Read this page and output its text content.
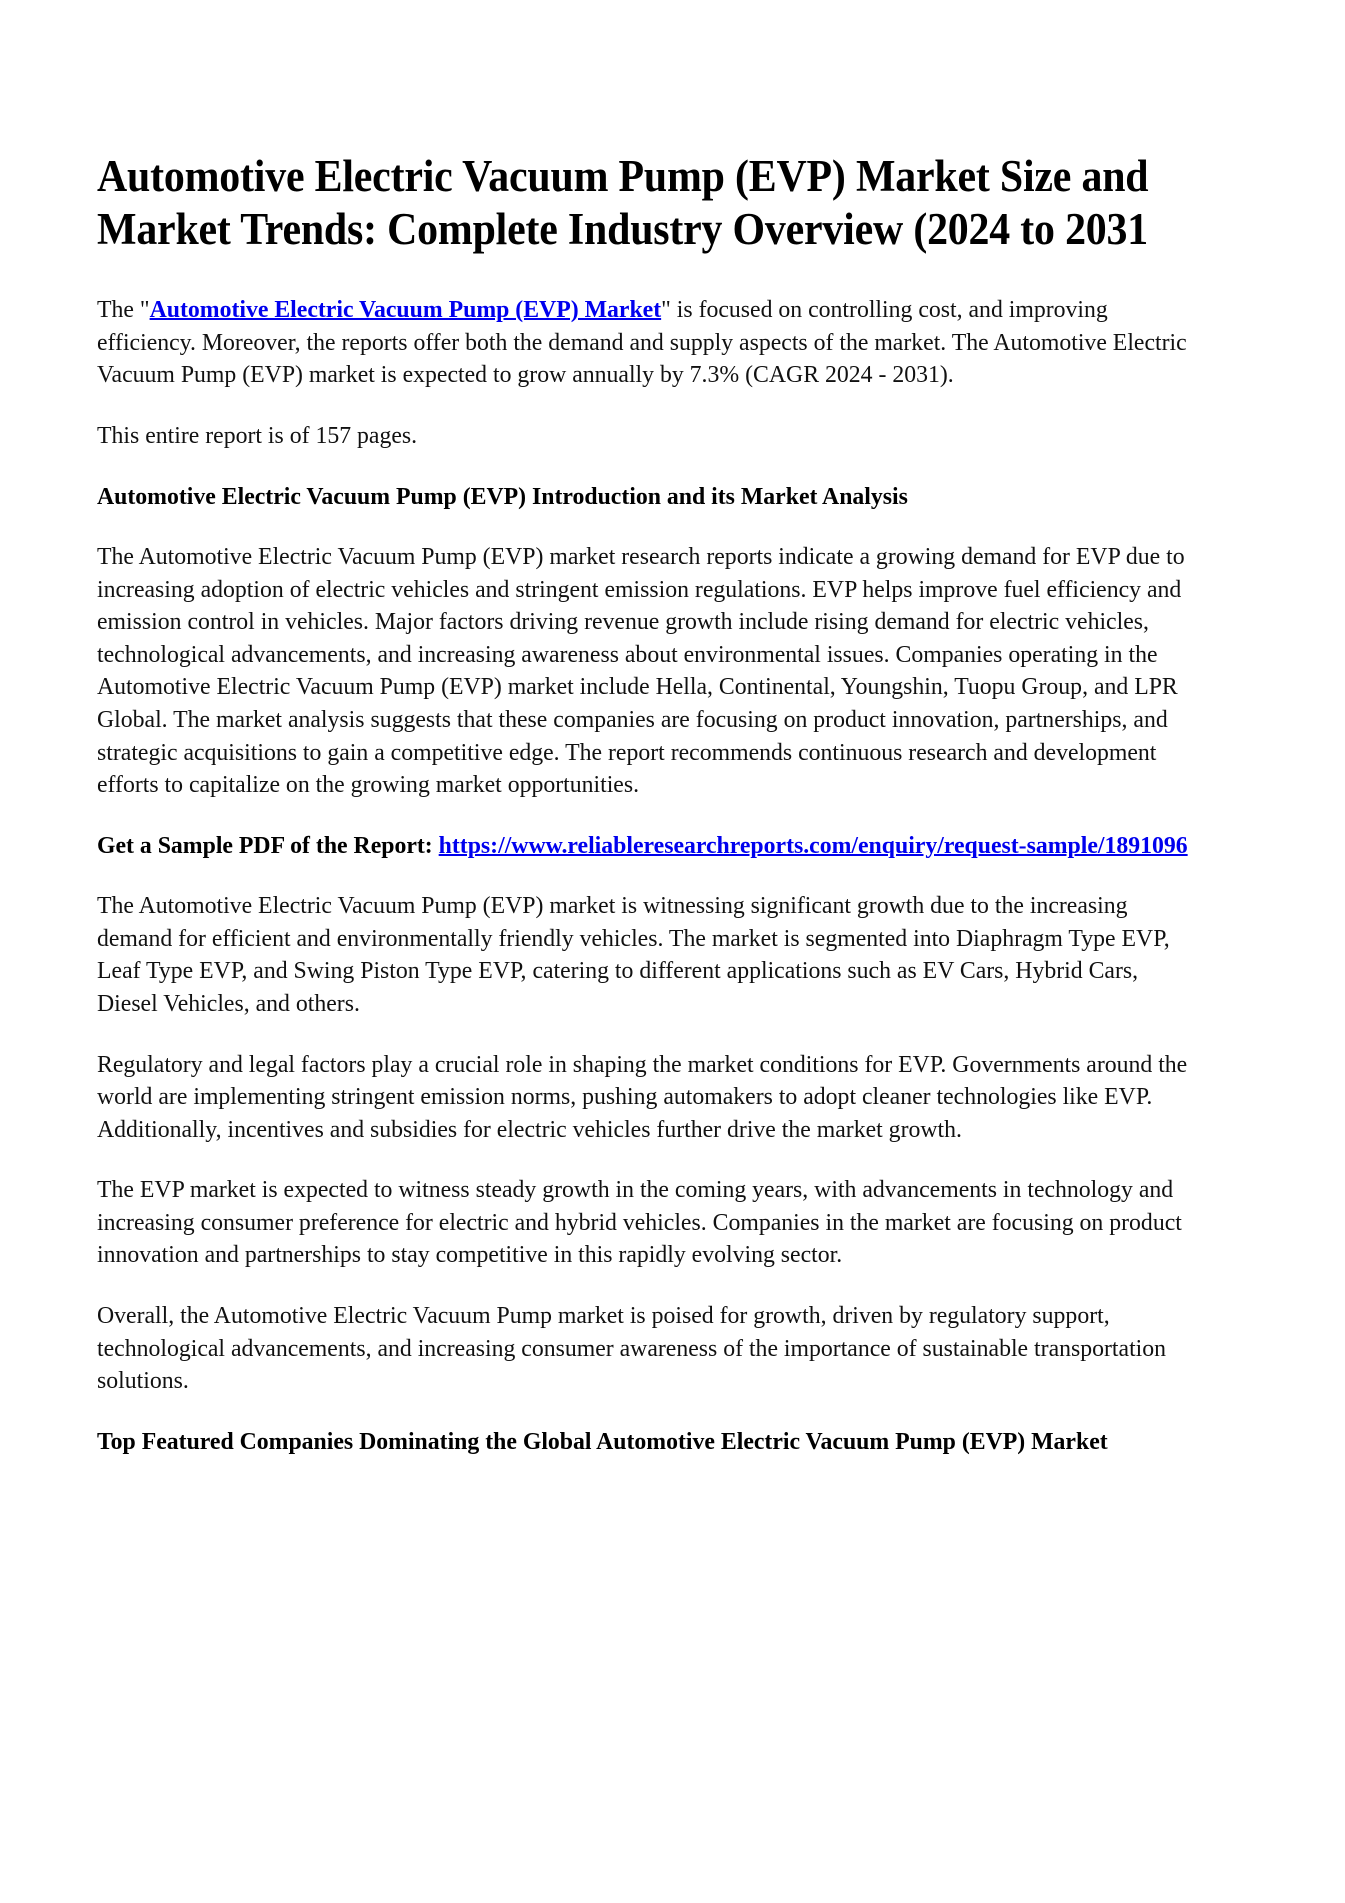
Automotive Electric Vacuum Pump (EVP) Market Size and Market Trends: Complete Industry Overview (2024 to 2031

The "Automotive Electric Vacuum Pump (EVP) Market" is focused on controlling cost, and improving efficiency. Moreover, the reports offer both the demand and supply aspects of the market. The Automotive Electric Vacuum Pump (EVP) market is expected to grow annually by 7.3% (CAGR 2024 - 2031).

This entire report is of 157 pages.

Automotive Electric Vacuum Pump (EVP) Introduction and its Market Analysis

The Automotive Electric Vacuum Pump (EVP) market research reports indicate a growing demand for EVP due to increasing adoption of electric vehicles and stringent emission regulations. EVP helps improve fuel efficiency and emission control in vehicles. Major factors driving revenue growth include rising demand for electric vehicles, technological advancements, and increasing awareness about environmental issues. Companies operating in the Automotive Electric Vacuum Pump (EVP) market include Hella, Continental, Youngshin, Tuopu Group, and LPR Global. The market analysis suggests that these companies are focusing on product innovation, partnerships, and strategic acquisitions to gain a competitive edge. The report recommends continuous research and development efforts to capitalize on the growing market opportunities.

Get a Sample PDF of the Report: https://www.reliableresearchreports.com/enquiry/request-sample/1891096

The Automotive Electric Vacuum Pump (EVP) market is witnessing significant growth due to the increasing demand for efficient and environmentally friendly vehicles. The market is segmented into Diaphragm Type EVP, Leaf Type EVP, and Swing Piston Type EVP, catering to different applications such as EV Cars, Hybrid Cars, Diesel Vehicles, and others.

Regulatory and legal factors play a crucial role in shaping the market conditions for EVP. Governments around the world are implementing stringent emission norms, pushing automakers to adopt cleaner technologies like EVP. Additionally, incentives and subsidies for electric vehicles further drive the market growth.

The EVP market is expected to witness steady growth in the coming years, with advancements in technology and increasing consumer preference for electric and hybrid vehicles. Companies in the market are focusing on product innovation and partnerships to stay competitive in this rapidly evolving sector.

Overall, the Automotive Electric Vacuum Pump market is poised for growth, driven by regulatory support, technological advancements, and increasing consumer awareness of the importance of sustainable transportation solutions.

Top Featured Companies Dominating the Global Automotive Electric Vacuum Pump (EVP) Market
